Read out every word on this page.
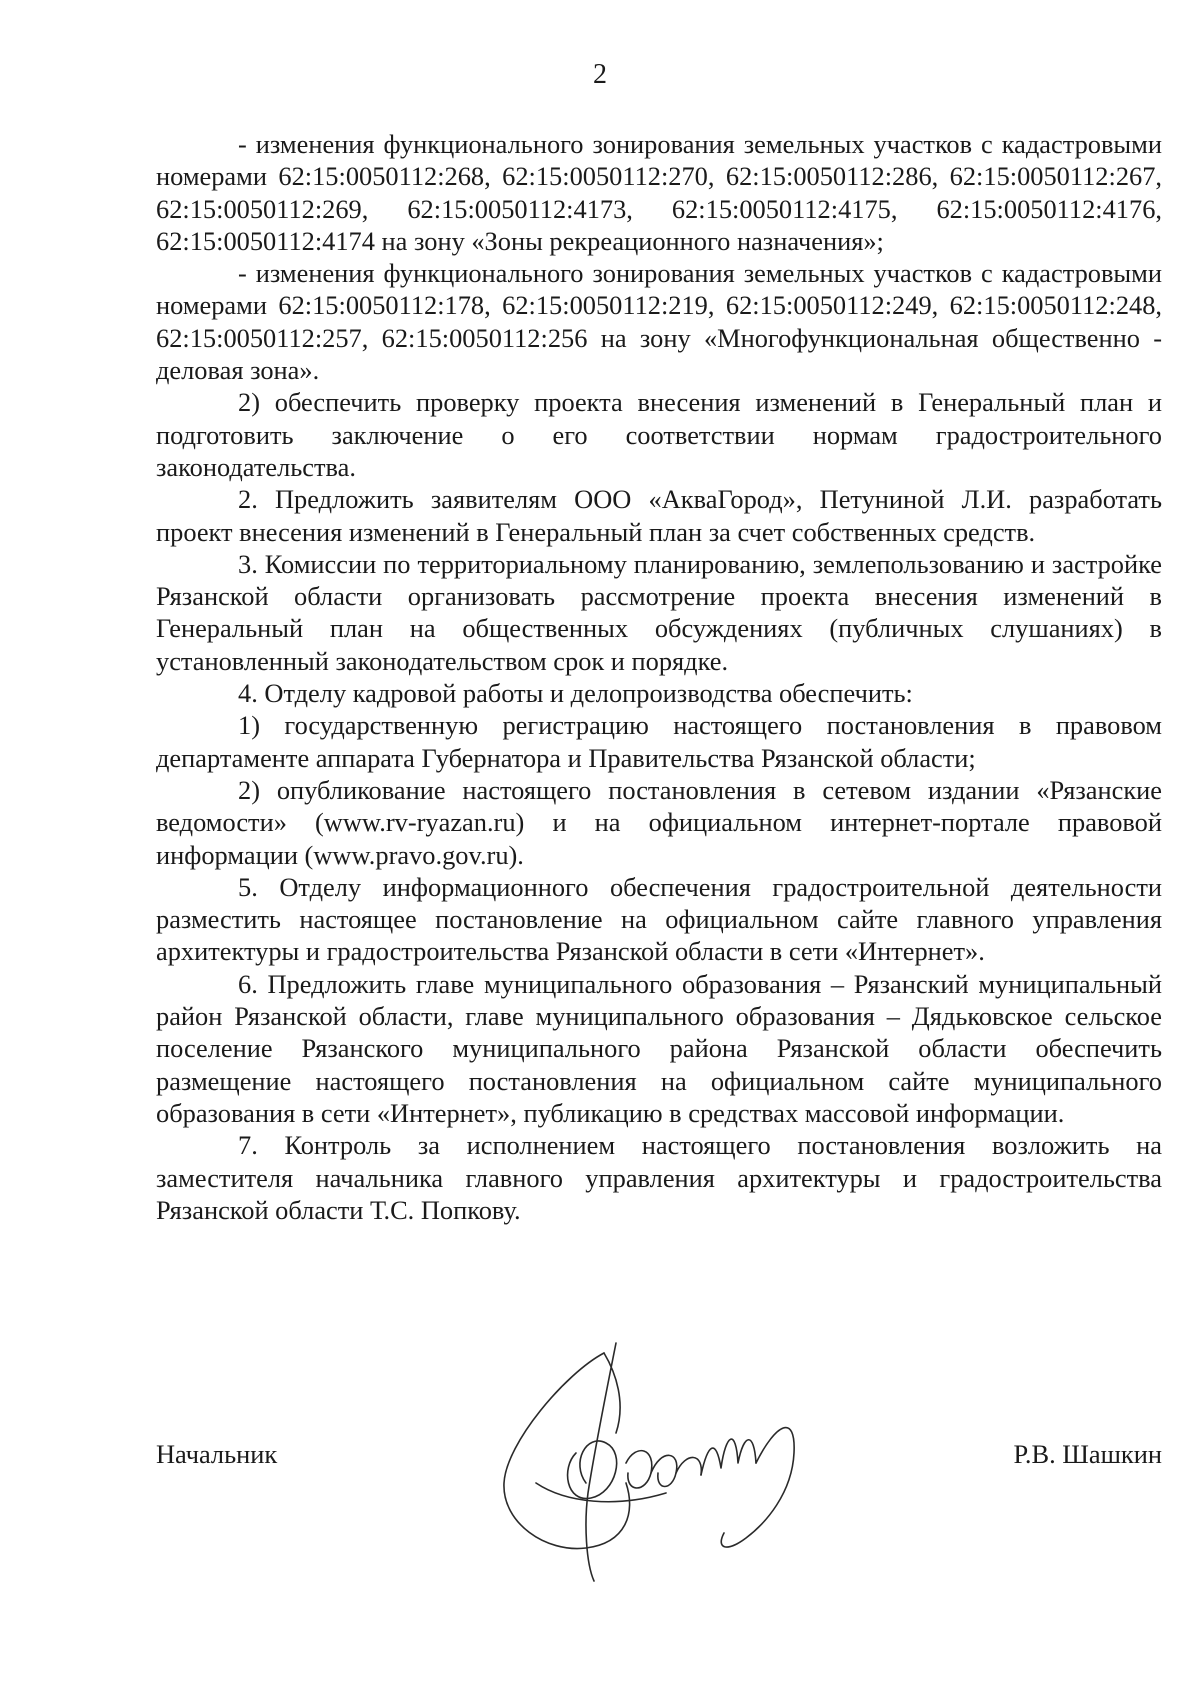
2

- изменения функционального зонирования земельных участков с кадастровыми номерами 62:15:0050112:268, 62:15:0050112:270, 62:15:0050112:286, 62:15:0050112:267, 62:15:0050112:269, 62:15:0050112:4173, 62:15:0050112:4175, 62:15:0050112:4176, 62:15:0050112:4174 на зону «Зоны рекреационного назначения»;

- изменения функционального зонирования земельных участков с кадастровыми номерами 62:15:0050112:178, 62:15:0050112:219, 62:15:0050112:249, 62:15:0050112:248, 62:15:0050112:257, 62:15:0050112:256 на зону «Многофункциональная общественно - деловая зона».

2) обеспечить проверку проекта внесения изменений в Генеральный план и подготовить заключение о его соответствии нормам градостроительного законодательства.

2. Предложить заявителям ООО «АкваГород», Петуниной Л.И. разработать проект внесения изменений в Генеральный план за счет собственных средств.

3. Комиссии по территориальному планированию, землепользованию и застройке Рязанской области организовать рассмотрение проекта внесения изменений в Генеральный план на общественных обсуждениях (публичных слушаниях) в установленный законодательством срок и порядке.

4. Отделу кадровой работы и делопроизводства обеспечить:

1) государственную регистрацию настоящего постановления в правовом департаменте аппарата Губернатора и Правительства Рязанской области;

2) опубликование настоящего постановления в сетевом издании «Рязанские ведомости» (www.rv-ryazan.ru) и на официальном интернет-портале правовой информации (www.pravo.gov.ru).

5. Отделу информационного обеспечения градостроительной деятельности разместить настоящее постановление на официальном сайте главного управления архитектуры и градостроительства Рязанской области в сети «Интернет».

6. Предложить главе муниципального образования – Рязанский муниципальный район Рязанской области, главе муниципального образования – Дядьковское сельское поселение Рязанского муниципального района Рязанской области обеспечить размещение настоящего постановления на официальном сайте муниципального образования в сети «Интернет», публикацию в средствах массовой информации.

7. Контроль за исполнением настоящего постановления возложить на заместителя начальника главного управления архитектуры и градостроительства Рязанской области Т.С. Попкову.

Начальник	Р.В. Шашкин
